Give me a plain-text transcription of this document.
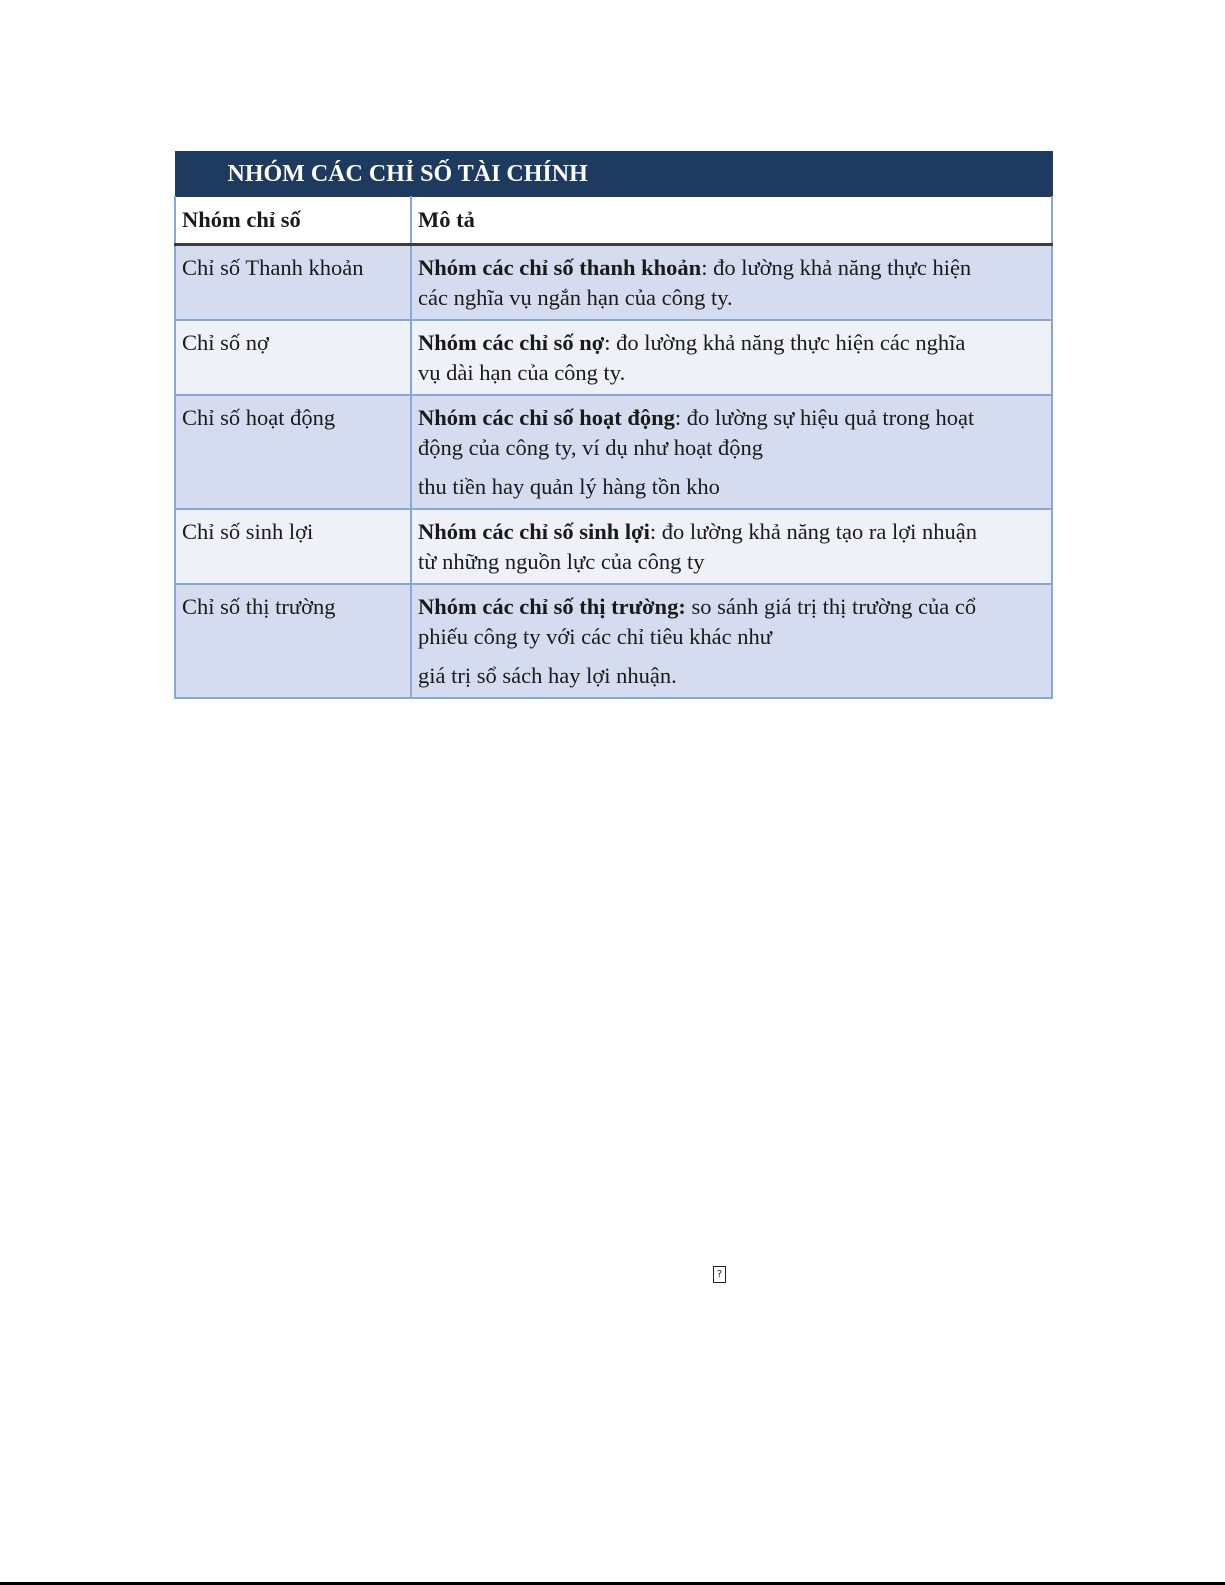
NHÓM CÁC CHỈ SỐ TÀI CHÍNH	
Nhóm chỉ số	Mô tả
Chỉ số Thanh khoản	Nhóm các chỉ số thanh khoản: đo lường khả năng thực hiện
các nghĩa vụ ngắn hạn của công ty.

Chỉ số nợ	Nhóm các chỉ số nợ: đo lường khả năng thực hiện các nghĩa
vụ dài hạn của công ty.

Chỉ số hoạt động	Nhóm các chỉ số hoạt động: đo lường sự hiệu quả trong hoạt
động của công ty, ví dụ như hoạt động
thu tiền hay quản lý hàng tồn kho

Chỉ số sinh lợi	Nhóm các chỉ số sinh lợi: đo lường khả năng tạo ra lợi nhuận
từ những nguồn lực của công ty

Chỉ số thị trường	Nhóm các chỉ số thị trường: so sánh giá trị thị trường của cổ
phiếu công ty với các chỉ tiêu khác như
giá trị sổ sách hay lợi nhuận.
?
